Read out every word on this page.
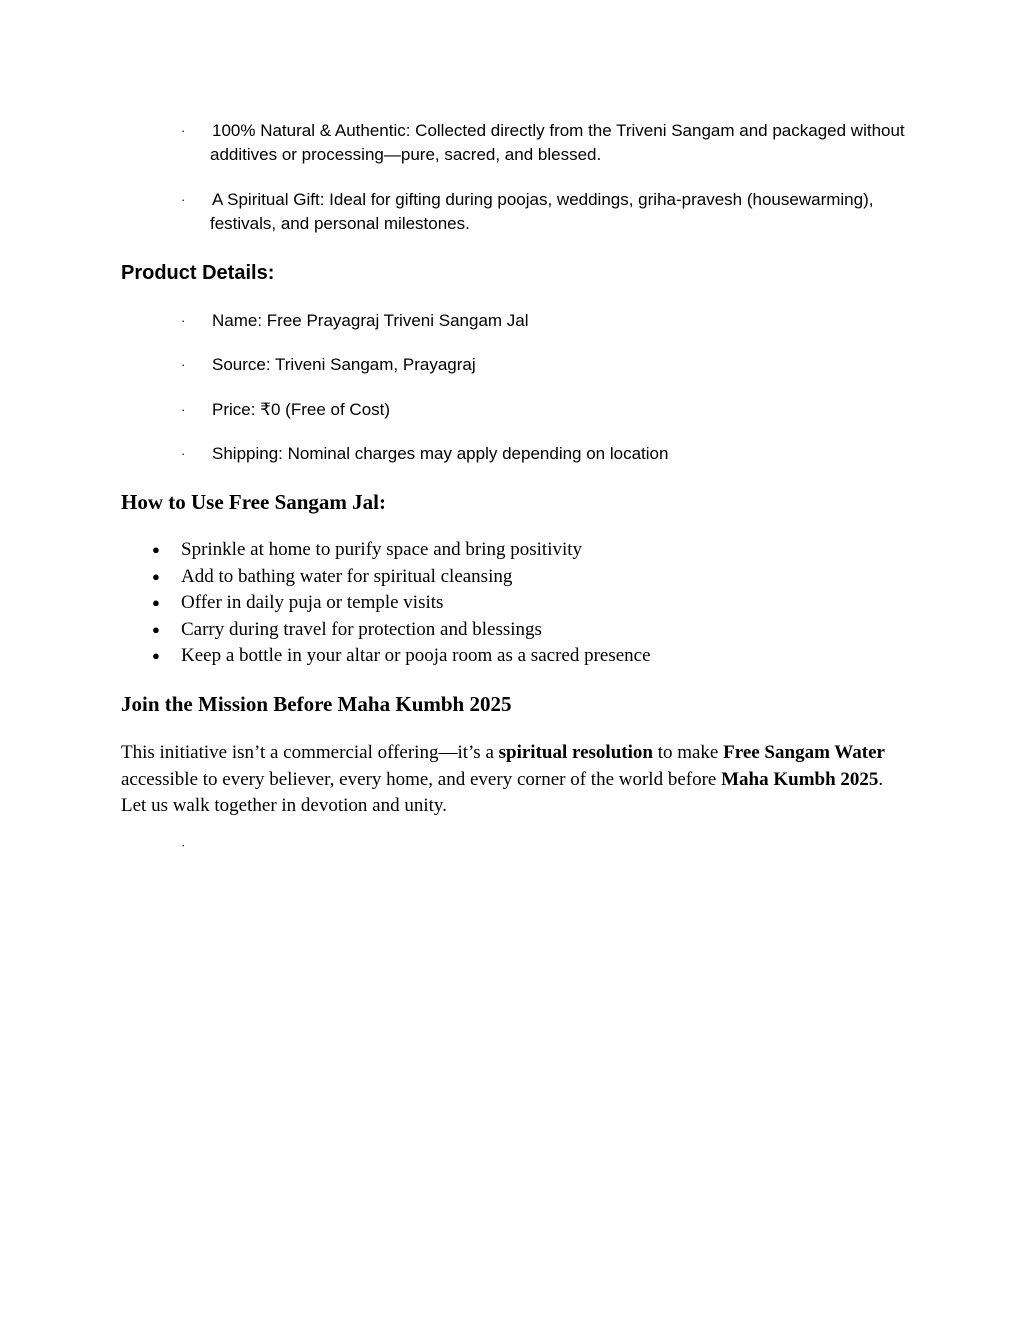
·	100% Natural & Authentic: Collected directly from the Triveni Sangam and packaged without additives or processing—pure, sacred, and blessed.
·	A Spiritual Gift: Ideal for gifting during poojas, weddings, griha-pravesh (housewarming), festivals, and personal milestones.
Product Details:
·	Name: Free Prayagraj Triveni Sangam Jal
·	Source: Triveni Sangam, Prayagraj
·	Price: ₹0 (Free of Cost)
·	Shipping: Nominal charges may apply depending on location
How to Use Free Sangam Jal:
● Sprinkle at home to purify space and bring positivity
● Add to bathing water for spiritual cleansing
● Offer in daily puja or temple visits
● Carry during travel for protection and blessings
● Keep a bottle in your altar or pooja room as a sacred presence
Join the Mission Before Maha Kumbh 2025
This initiative isn’t a commercial offering—it’s a spiritual resolution to make Free Sangam Water accessible to every believer, every home, and every corner of the world before Maha Kumbh 2025. Let us walk together in devotion and unity.
·
